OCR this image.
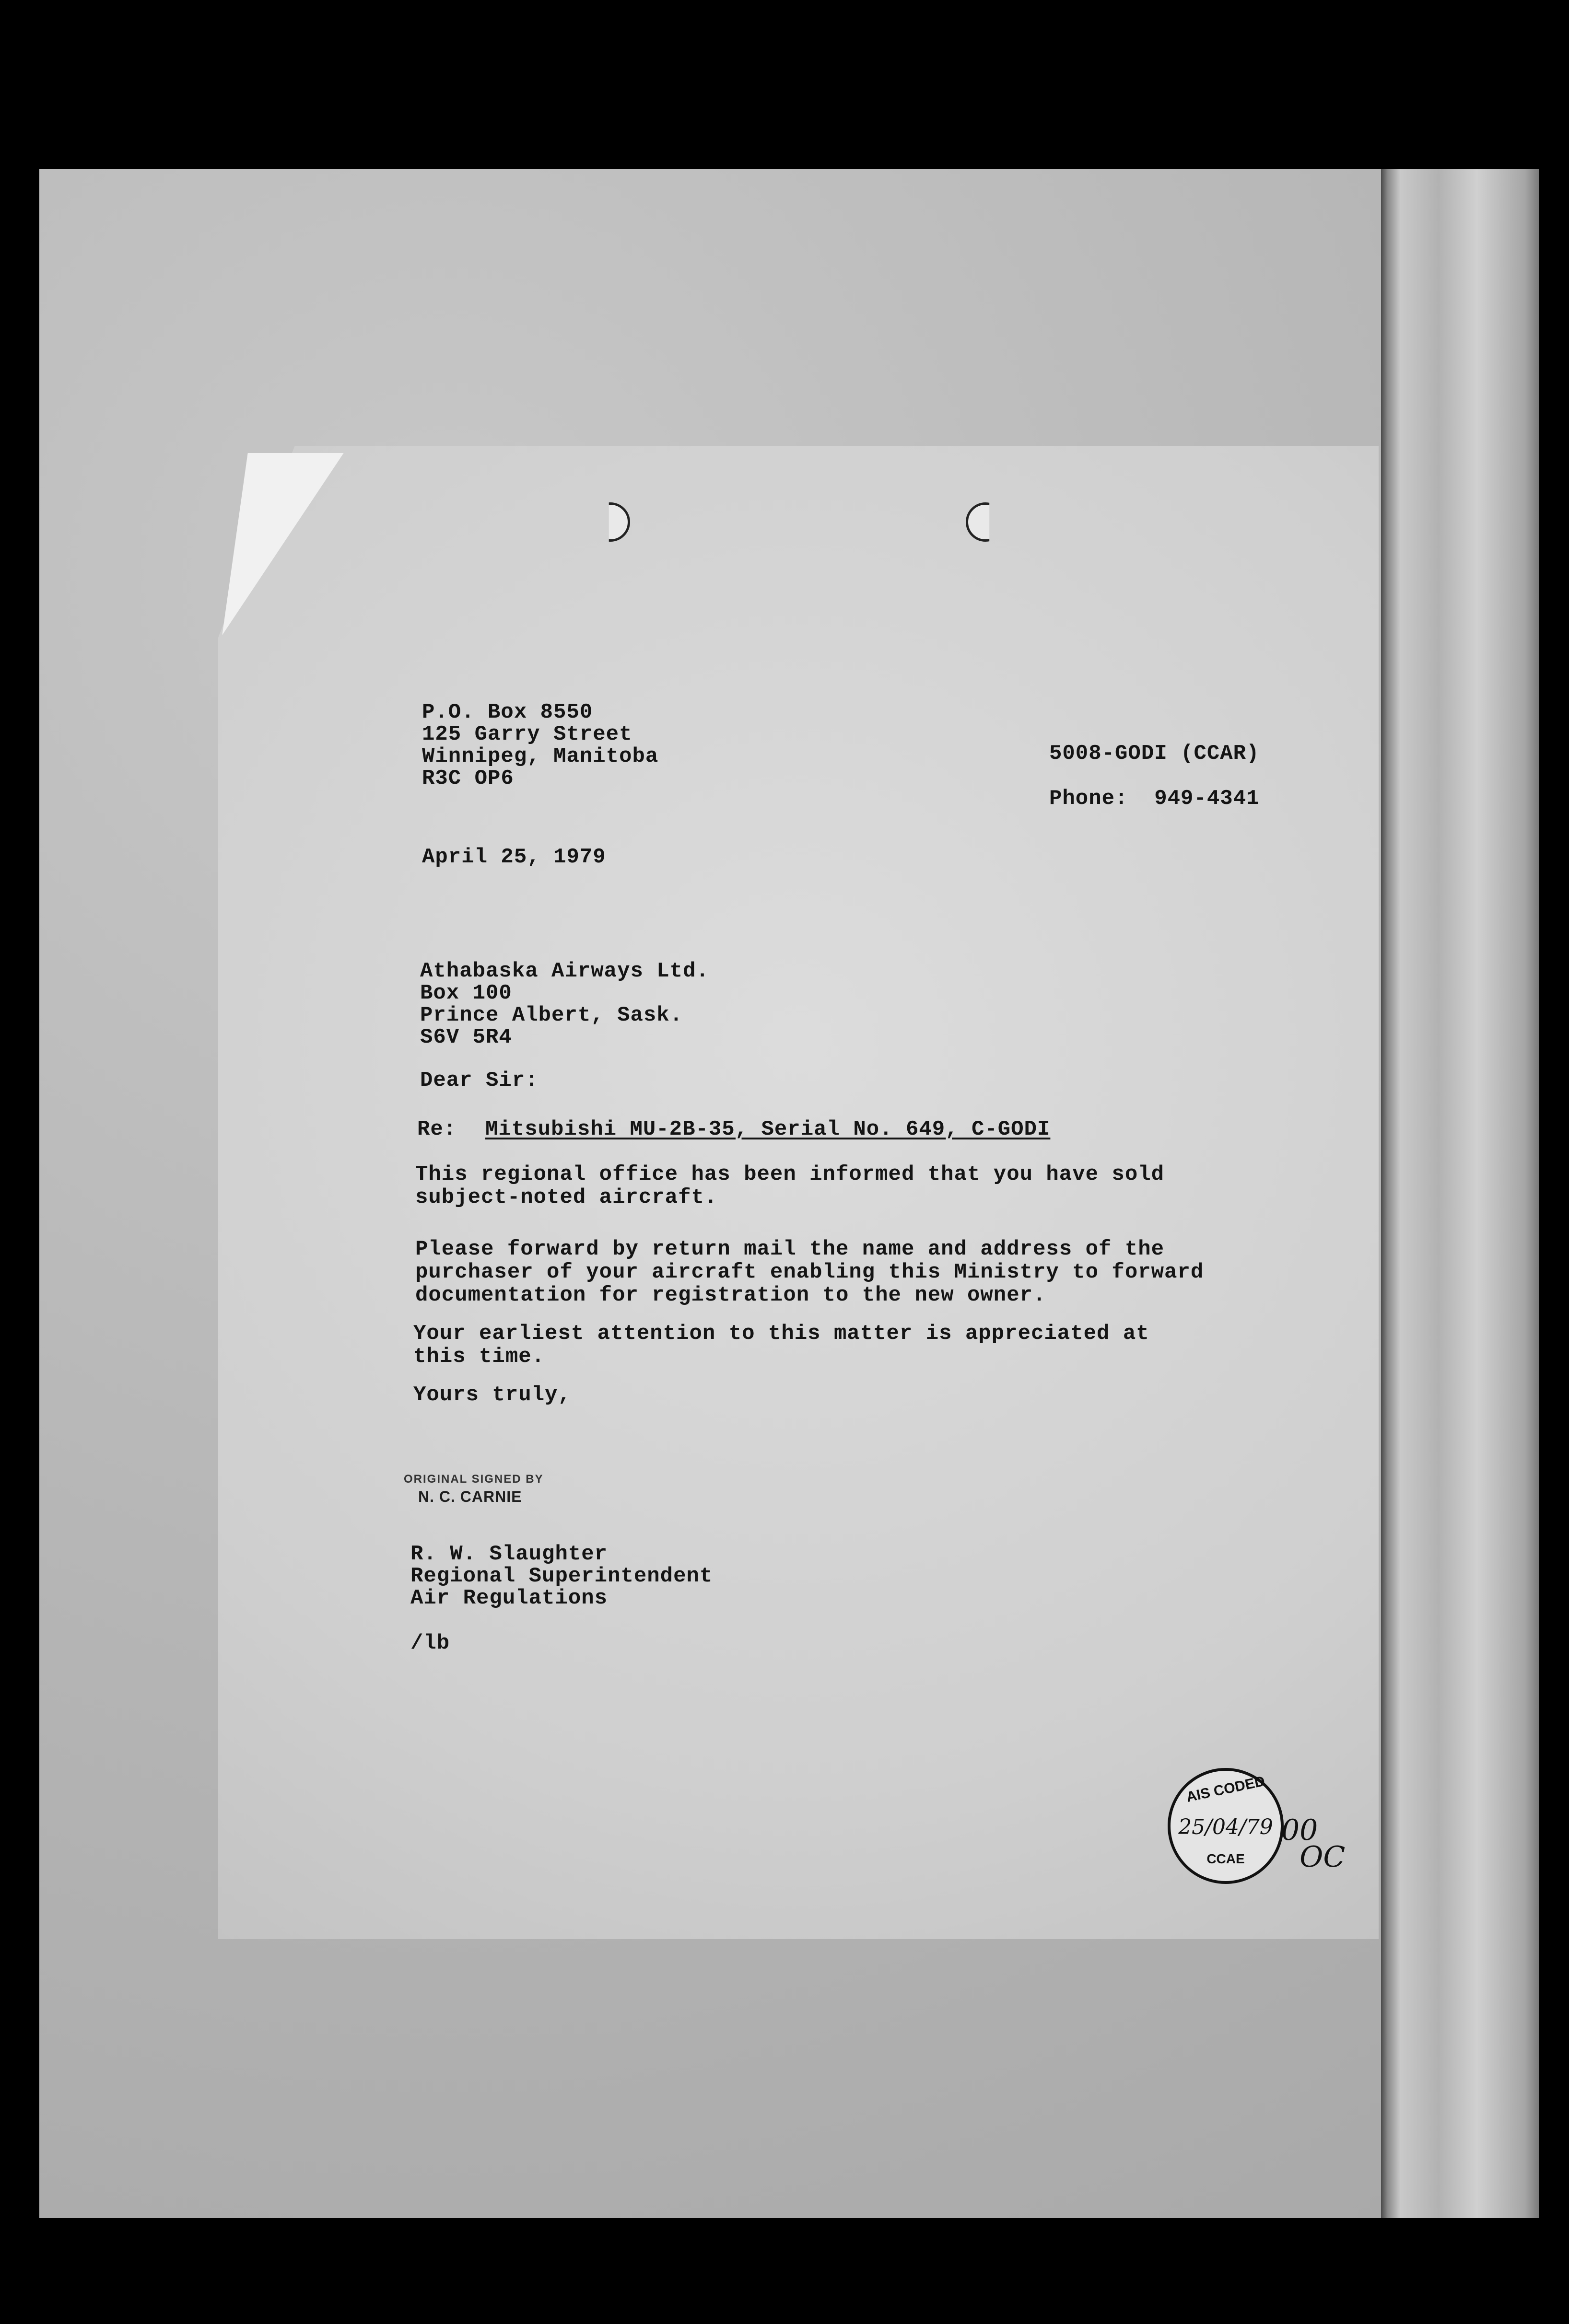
P.O. Box 8550
125 Garry Street
Winnipeg, Manitoba
R3C OP6
5008-GODI (CCAR)
Phone:  949-4341
April 25, 1979
Athabaska Airways Ltd.
Box 100
Prince Albert, Sask.
S6V 5R4
Dear Sir:
Re: Mitsubishi MU-2B-35, Serial No. 649, C-GODI
This regional office has been informed that you have sold
subject-noted aircraft.
Please forward by return mail the name and address of the
purchaser of your aircraft enabling this Ministry to forward
documentation for registration to the new owner.
Your earliest attention to this matter is appreciated at
this time.
Yours truly,
ORIGINAL SIGNED BY
N. C. CARNIE
R. W. Slaughter
Regional Superintendent
Air Regulations
/lb
AIS CODED
25/04/79
CCAE
00
OC
